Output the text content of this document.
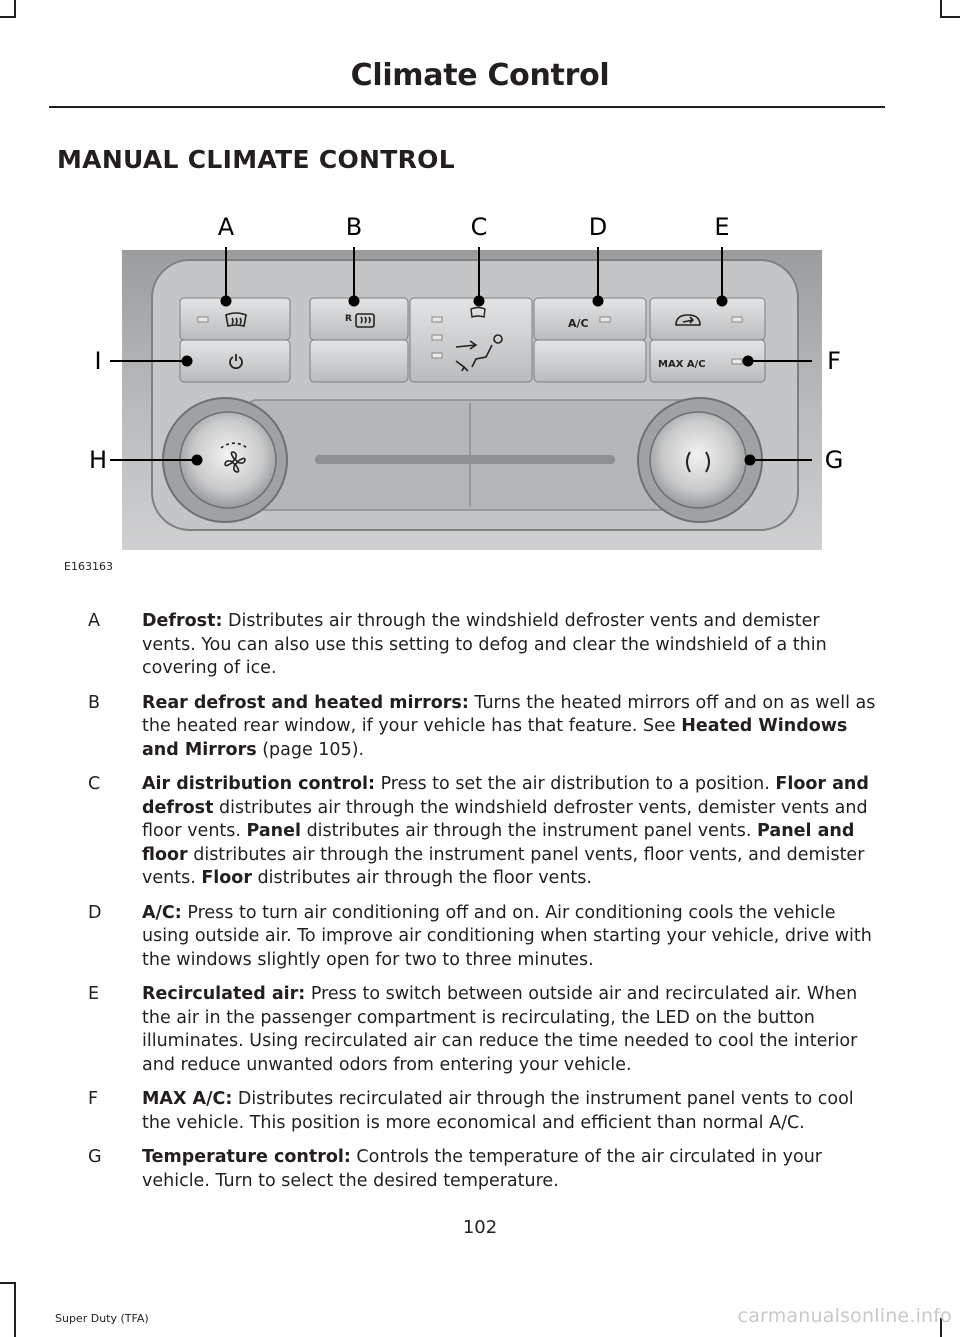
Climate Control
MANUAL CLIMATE CONTROL
R	A/C
MAX A/C
A	B	C	D	E
F
G
H
I
E163163
A	Defrost: Distributes air through the windshield defroster vents and demister vents. You can also use this setting to defog and clear the windshield of a thin covering of ice.
B	Rear defrost and heated mirrors: Turns the heated mirrors off and on as well as the heated rear window, if your vehicle has that feature. See Heated Windows and Mirrors (page 105).
C	Air distribution control: Press to set the air distribution to a position. Floor and defrost distributes air through the windshield defroster vents, demister vents and floor vents. Panel distributes air through the instrument panel vents. Panel and floor distributes air through the instrument panel vents, floor vents, and demister vents. Floor distributes air through the floor vents.
D	A/C: Press to turn air conditioning off and on. Air conditioning cools the vehicle using outside air. To improve air conditioning when starting your vehicle, drive with the windows slightly open for two to three minutes.
E	Recirculated air: Press to switch between outside air and recirculated air. When the air in the passenger compartment is recirculating, the LED on the button illuminates. Using recirculated air can reduce the time needed to cool the interior and reduce unwanted odors from entering your vehicle.
F	MAX A/C: Distributes recirculated air through the instrument panel vents to cool the vehicle. This position is more economical and efficient than normal A/C.
G	Temperature control: Controls the temperature of the air circulated in your vehicle. Turn to select the desired temperature.
102
Super Duty (TFA)	carmanualsonline.info
